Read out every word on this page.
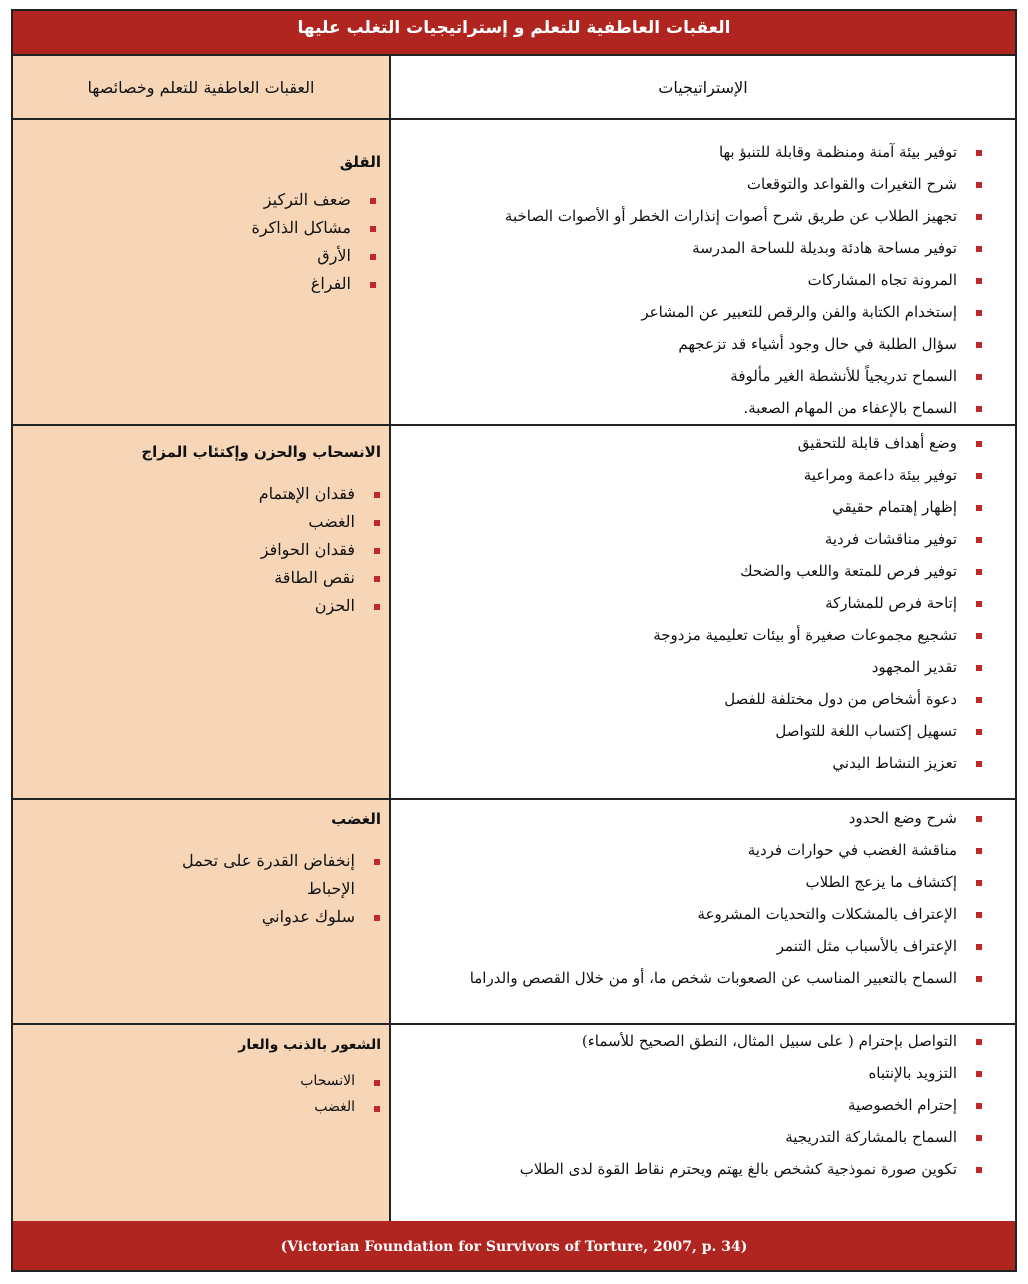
العقبات العاطفية للتعلم و إستراتيجيات التغلب عليها
الإستراتيجيات
العقبات العاطفية للتعلم وخصائصها
توفير بيئة آمنة ومنظمة وقابلة للتنبؤ بها
شرح التغيرات والقواعد والتوقعات
تجهيز الطلاب عن طريق شرح أصوات إنذارات الخطر أو الأصوات الصاخبة
توفير مساحة هادئة وبديلة للساحة المدرسة
المرونة تجاه المشاركات
إستخدام الكتابة والفن والرقص للتعبير عن المشاعر
سؤال الطلبة في حال وجود أشياء قد تزعجهم
السماح تدريجياً للأنشطة الغير مألوفة
السماح بالإعفاء من المهام الصعبة.
القلق
ضعف التركيز
مشاكل الذاكرة
الأرق
الفراغ
وضع أهداف قابلة للتحقيق
توفير بيئة داعمة ومراعية
إظهار إهتمام حقيقي
توفير مناقشات فردية
توفير فرص للمتعة واللعب والضحك
إتاحة فرص للمشاركة
تشجيع مجموعات صغيرة أو بيئات تعليمية مزدوجة
تقدير المجهود
دعوة أشخاص من دول مختلفة للفصل
تسهيل إكتساب اللغة للتواصل
تعزيز النشاط البدني
الانسحاب والحزن وإكتئاب المزاج
فقدان الإهتمام
الغضب
فقدان الحوافز
نقص الطاقة
الحزن
شرح وضع الحدود
مناقشة الغضب في حوارات فردية
إكتشاف ما يزعج الطلاب
الإعتراف بالمشكلات والتحديات المشروعة
الإعتراف بالأسباب مثل التنمر
السماح بالتعبير المناسب عن الصعوبات شخص ما، أو من خلال القصص والدراما
الغضب
إنخفاض القدرة على تحمل الإحباط
سلوك عدواني
التواصل بإحترام ( على سبيل المثال، النطق الصحيح للأسماء)
التزويد بالإنتباه
إحترام الخصوصية
السماح بالمشاركة التدريجية
تكوين صورة نموذجية كشخص بالغ يهتم ويحترم نقاط القوة لدى الطلاب
الشعور بالذنب والعار
الانسحاب
الغضب
(Victorian Foundation for Survivors of Torture, 2007, p. 34)
